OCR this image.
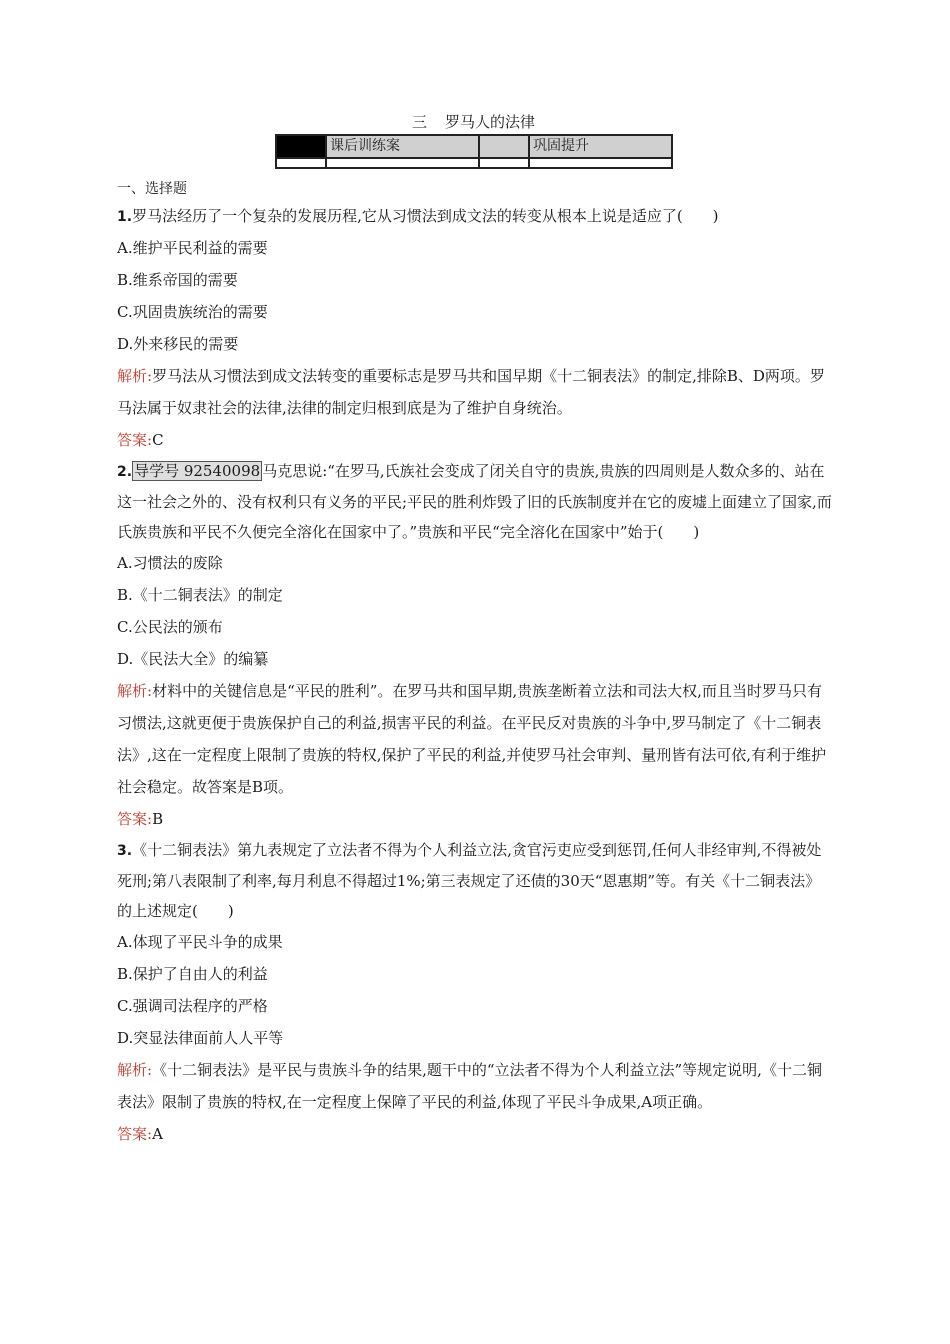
三 罗马人的法律
	课后训练案		巩固提升

一、选择题

1.罗马法经历了一个复杂的发展历程,它从习惯法到成文法的转变从根本上说是适应了(　　)

A.维护平民利益的需要

B.维系帝国的需要

C.巩固贵族统治的需要

D.外来移民的需要

解析:罗马法从习惯法到成文法转变的重要标志是罗马共和国早期《十二铜表法》的制定,排除B、D两项。罗马法属于奴隶社会的法律,法律的制定归根到底是为了维护自身统治。

答案:C

2. 导学号 92540098 马克思说:“在罗马,氏族社会变成了闭关自守的贵族,贵族的四周则是人数众多的、站在这一社会之外的、没有权利只有义务的平民;平民的胜利炸毁了旧的氏族制度并在它的废墟上面建立了国家,而氏族贵族和平民不久便完全溶化在国家中了。”贵族和平民“完全溶化在国家中”始于(　　)

A.习惯法的废除

B.《十二铜表法》的制定

C.公民法的颁布

D.《民法大全》的编纂

解析:材料中的关键信息是“平民的胜利”。在罗马共和国早期,贵族垄断着立法和司法大权,而且当时罗马只有习惯法,这就更便于贵族保护自己的利益,损害平民的利益。在平民反对贵族的斗争中,罗马制定了《十二铜表法》,这在一定程度上限制了贵族的特权,保护了平民的利益,并使罗马社会审判、量刑皆有法可依,有利于维护社会稳定。故答案是B项。

答案:B

3.《十二铜表法》第九表规定了立法者不得为个人利益立法,贪官污吏应受到惩罚,任何人非经审判,不得被处死刑;第八表限制了利率,每月利息不得超过1%;第三表规定了还债的30天“恩惠期”等。有关《十二铜表法》的上述规定(　　)

A.体现了平民斗争的成果

B.保护了自由人的利益

C.强调司法程序的严格

D.突显法律面前人人平等

解析:《十二铜表法》是平民与贵族斗争的结果,题干中的“立法者不得为个人利益立法”等规定说明,《十二铜表法》限制了贵族的特权,在一定程度上保障了平民的利益,体现了平民斗争成果,A项正确。

答案:A
